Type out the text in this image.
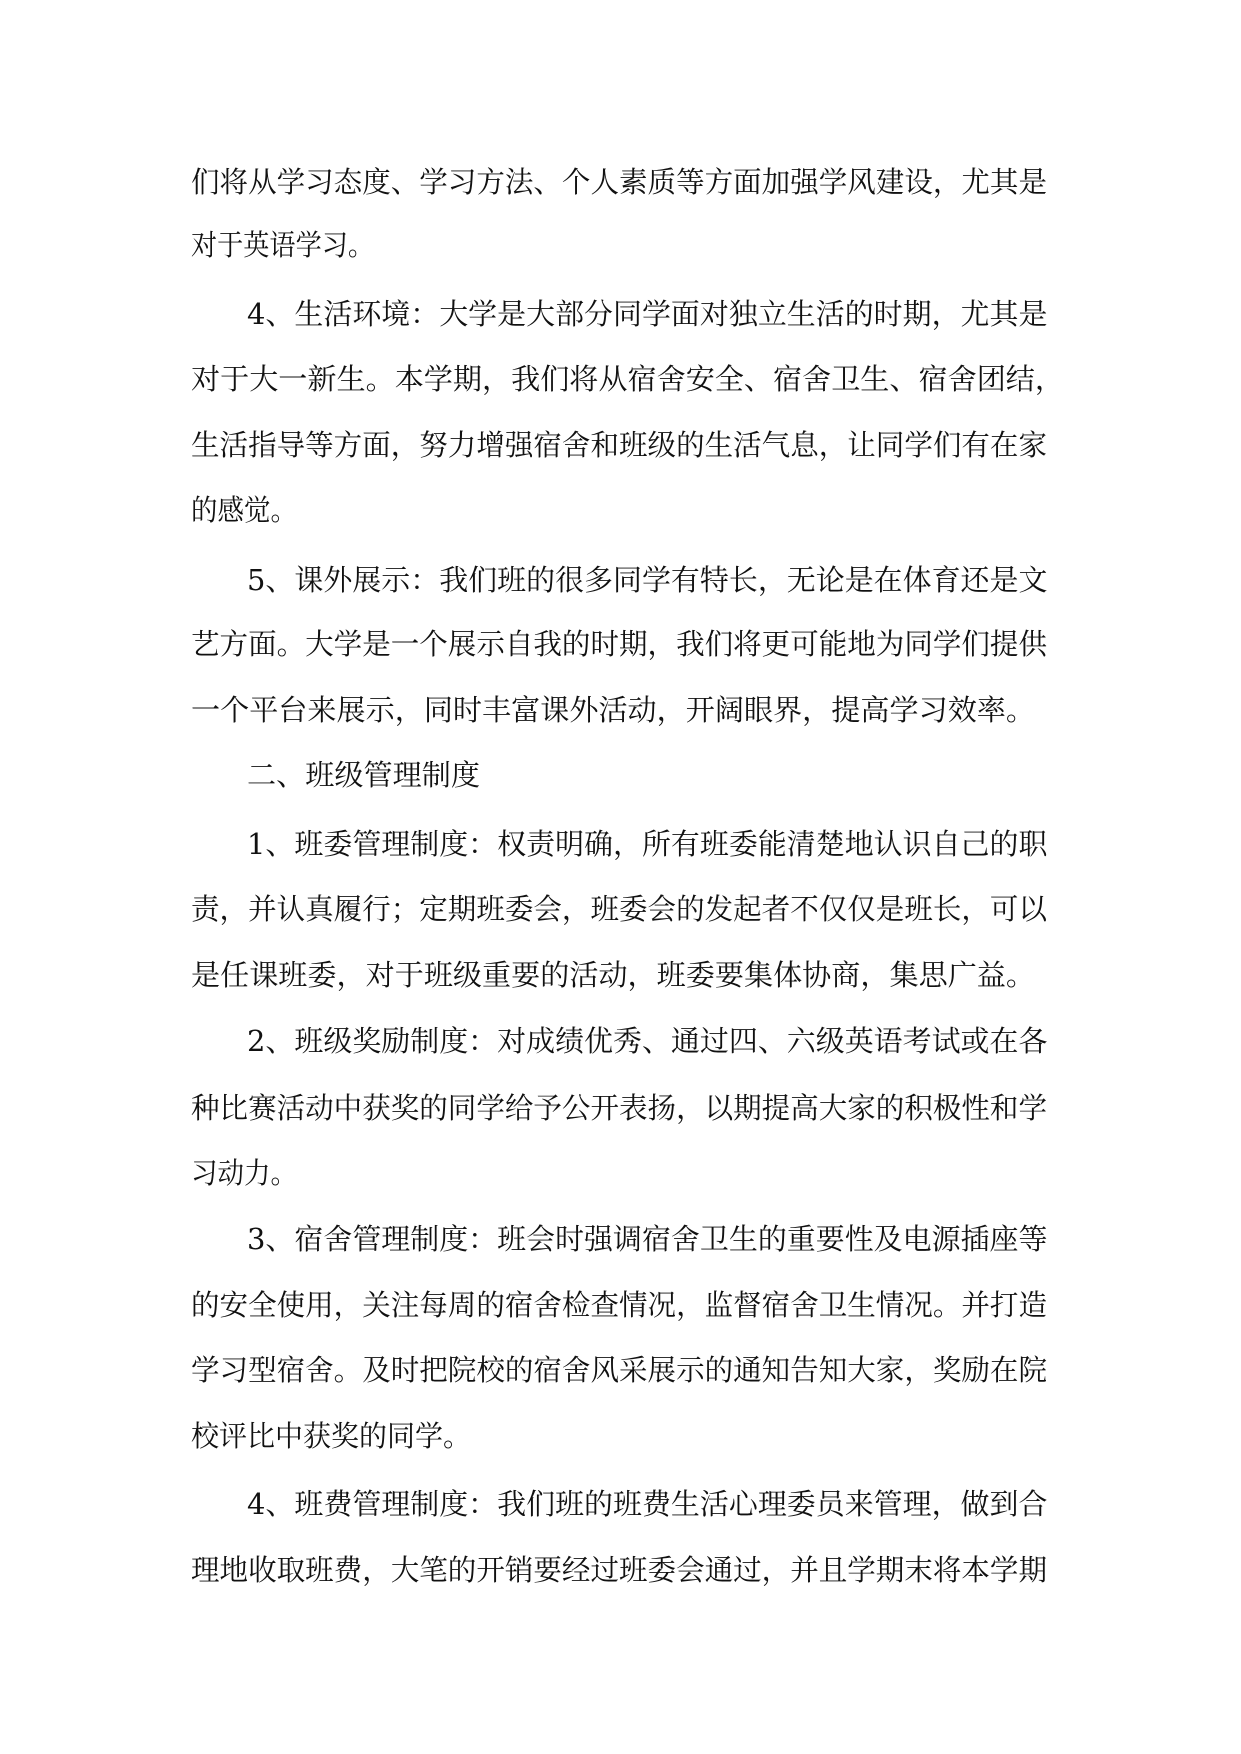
们将从学习态度、学习方法、个人素质等方面加强学风建设，尤其是
对于英语学习。
4、生活环境：大学是大部分同学面对独立生活的时期，尤其是
对于大一新生。本学期，我们将从宿舍安全、宿舍卫生、宿舍团结，
生活指导等方面，努力增强宿舍和班级的生活气息，让同学们有在家
的感觉。
5、课外展示：我们班的很多同学有特长，无论是在体育还是文
艺方面。大学是一个展示自我的时期，我们将更可能地为同学们提供
一个平台来展示，同时丰富课外活动，开阔眼界，提高学习效率。
二、班级管理制度
1、班委管理制度：权责明确，所有班委能清楚地认识自己的职
责，并认真履行；定期班委会，班委会的发起者不仅仅是班长，可以
是任课班委，对于班级重要的活动，班委要集体协商，集思广益。
2、班级奖励制度：对成绩优秀、通过四、六级英语考试或在各
种比赛活动中获奖的同学给予公开表扬，以期提高大家的积极性和学
习动力。
3、宿舍管理制度：班会时强调宿舍卫生的重要性及电源插座等
的安全使用，关注每周的宿舍检查情况，监督宿舍卫生情况。并打造
学习型宿舍。及时把院校的宿舍风采展示的通知告知大家，奖励在院
校评比中获奖的同学。
4、班费管理制度：我们班的班费生活心理委员来管理，做到合
理地收取班费，大笔的开销要经过班委会通过，并且学期末将本学期
